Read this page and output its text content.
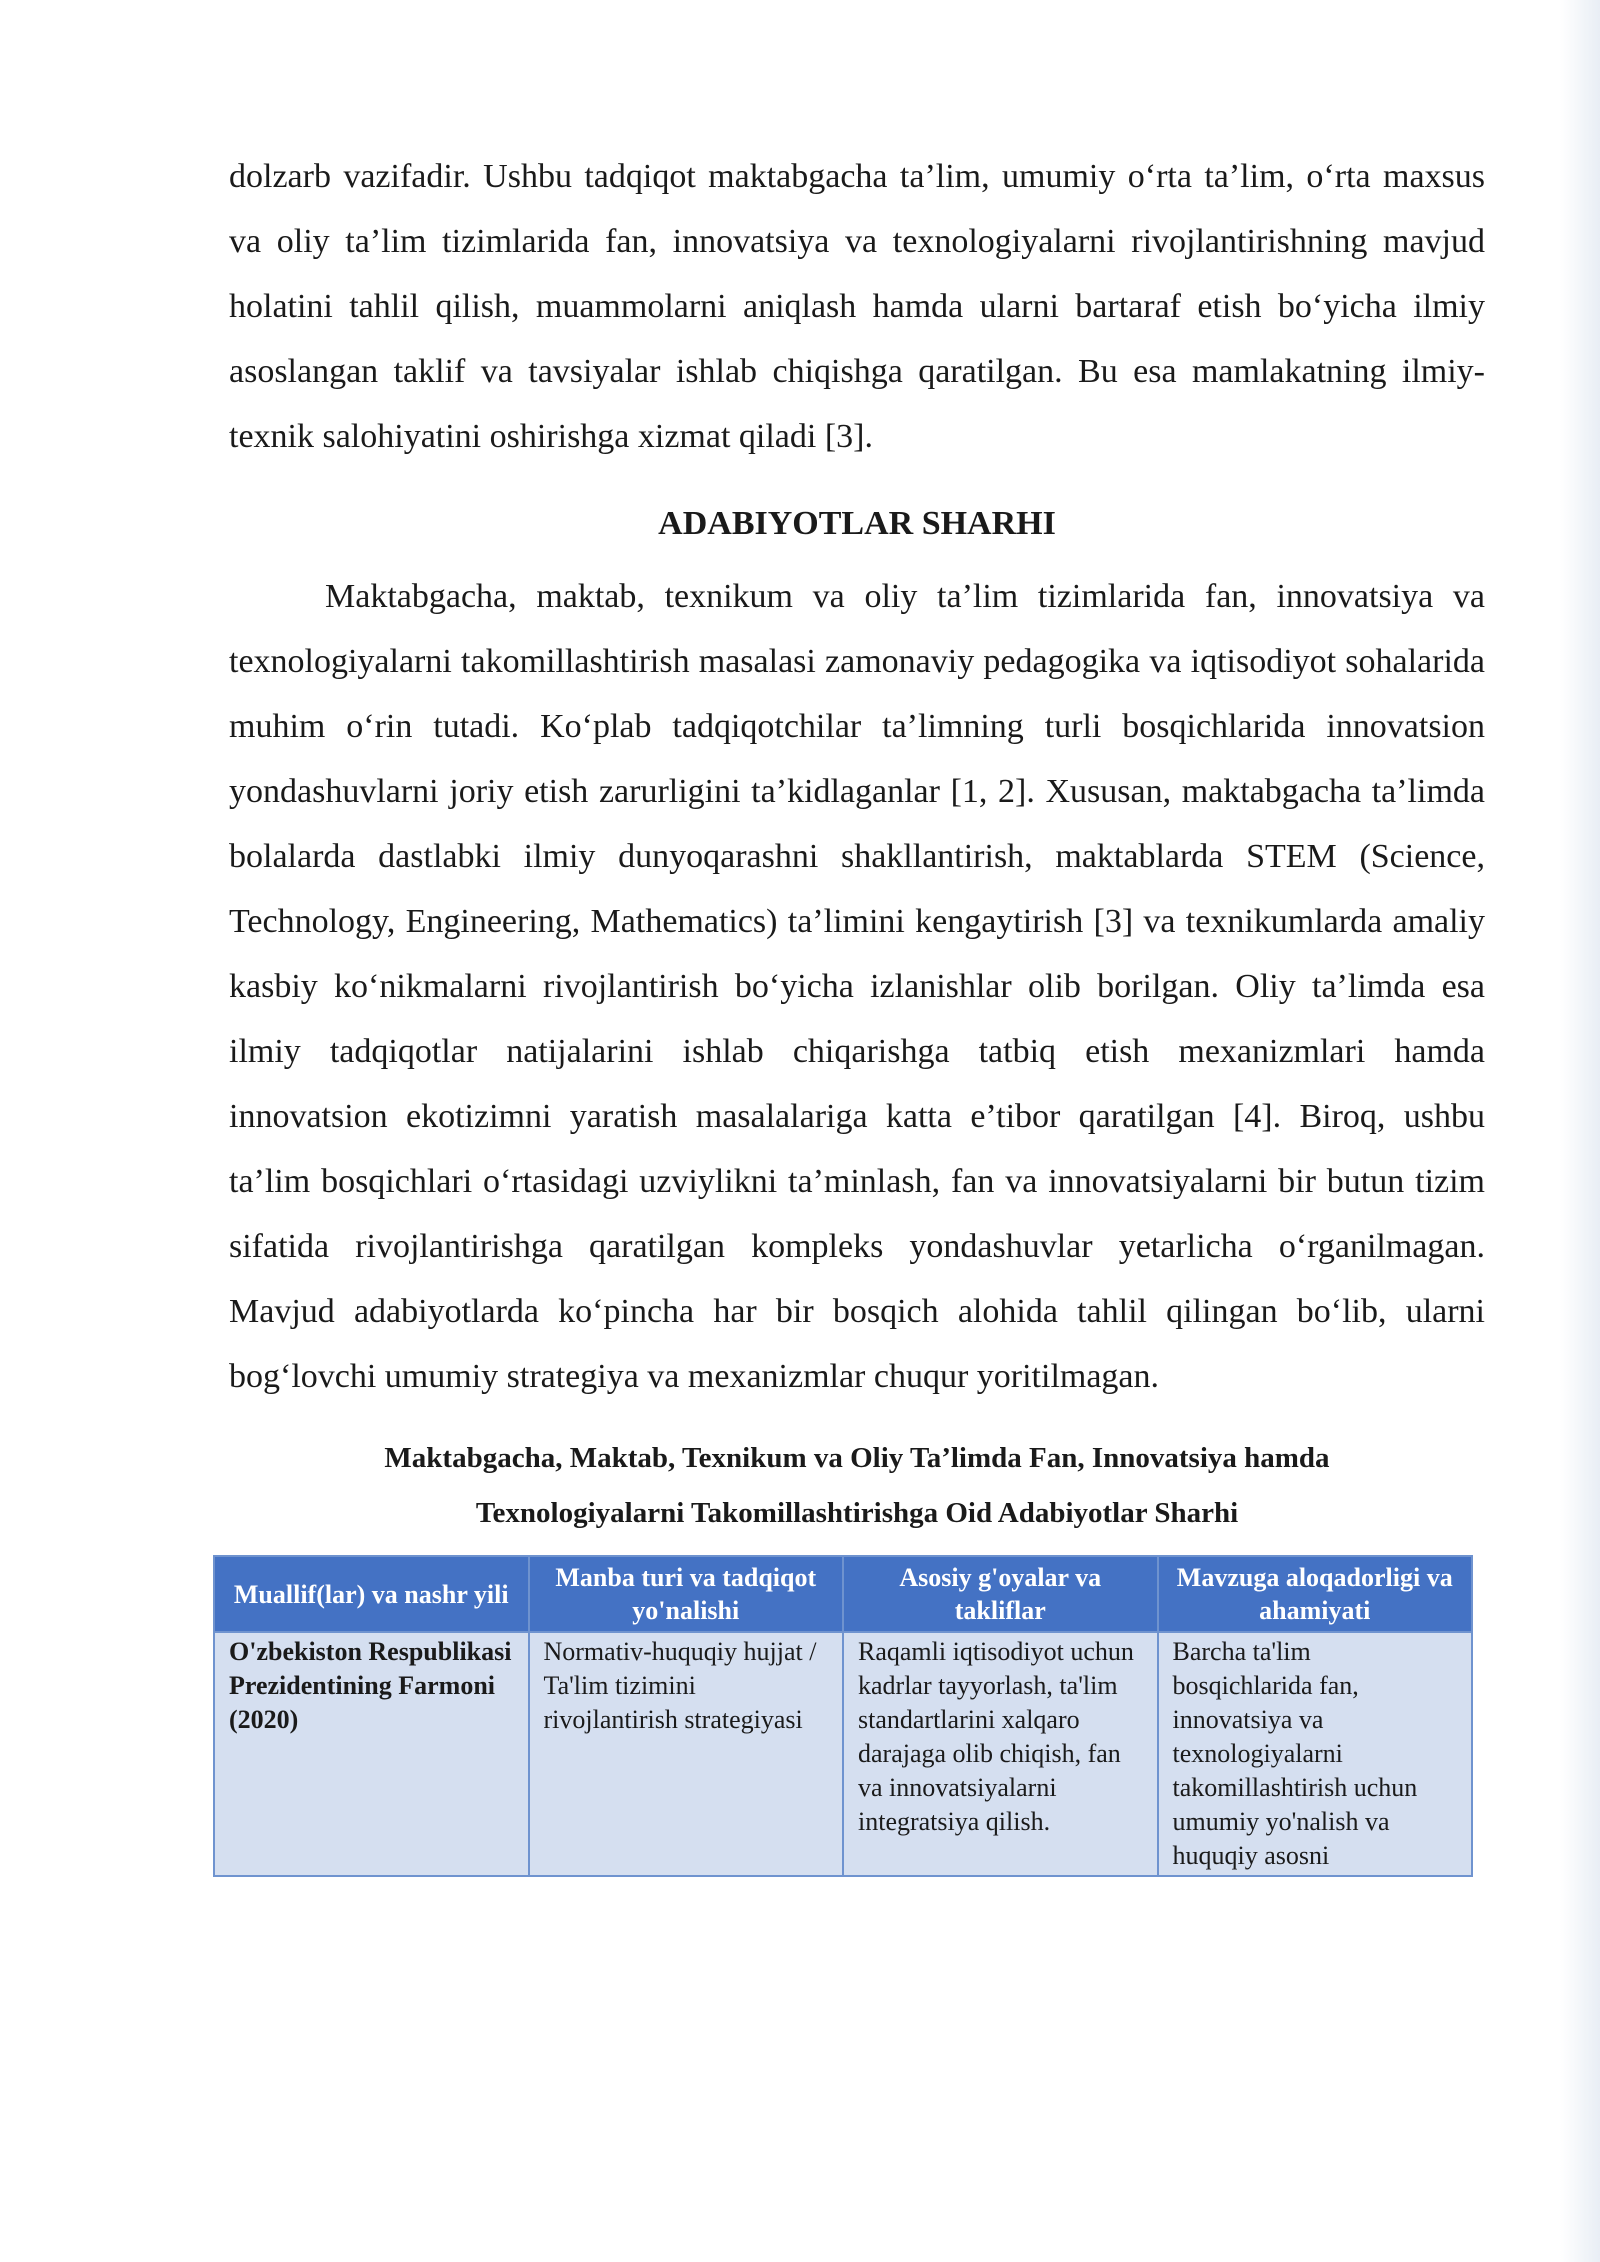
dolzarb vazifadir. Ushbu tadqiqot maktabgacha ta’lim, umumiy o‘rta ta’lim, o‘rta maxsus va oliy ta’lim tizimlarida fan, innovatsiya va texnologiyalarni rivojlantirishning mavjud holatini tahlil qilish, muammolarni aniqlash hamda ularni bartaraf etish bo‘yicha ilmiy asoslangan taklif va tavsiyalar ishlab chiqishga qaratilgan. Bu esa mamlakatning ilmiy-texnik salohiyatini oshirishga xizmat qiladi [3].

ADABIYOTLAR SHARHI

Maktabgacha, maktab, texnikum va oliy ta’lim tizimlarida fan, innovatsiya va texnologiyalarni takomillashtirish masalasi zamonaviy pedagogika va iqtisodiyot sohalarida muhim o‘rin tutadi. Ko‘plab tadqiqotchilar ta’limning turli bosqichlarida innovatsion yondashuvlarni joriy etish zarurligini ta’kidlaganlar [1, 2]. Xususan, maktabgacha ta’limda bolalarda dastlabki ilmiy dunyoqarashni shakllantirish, maktablarda STEM (Science, Technology, Engineering, Mathematics) ta’limini kengaytirish [3] va texnikumlarda amaliy kasbiy ko‘nikmalarni rivojlantirish bo‘yicha izlanishlar olib borilgan. Oliy ta’limda esa ilmiy tadqiqotlar natijalarini ishlab chiqarishga tatbiq etish mexanizmlari hamda innovatsion ekotizimni yaratish masalalariga katta e’tibor qaratilgan [4]. Biroq, ushbu ta’lim bosqichlari o‘rtasidagi uzviylikni ta’minlash, fan va innovatsiyalarni bir butun tizim sifatida rivojlantirishga qaratilgan kompleks yondashuvlar yetarlicha o‘rganilmagan. Mavjud adabiyotlarda ko‘pincha har bir bosqich alohida tahlil qilingan bo‘lib, ularni bog‘lovchi umumiy strategiya va mexanizmlar chuqur yoritilmagan.

Maktabgacha, Maktab, Texnikum va Oliy Ta’limda Fan, Innovatsiya hamda
Texnologiyalarni Takomillashtirishga Oid Adabiyotlar Sharhi
Muallif(lar) va nashr yili	Manba turi va tadqiqot yo'nalishi	Asosiy g'oyalar va takliflar	Mavzuga aloqadorligi va ahamiyati
O'zbekiston Respublikasi Prezidentining Farmoni (2020)	Normativ-huquqiy hujjat / Ta'lim tizimini rivojlantirish strategiyasi	Raqamli iqtisodiyot uchun kadrlar tayyorlash, ta'lim standartlarini xalqaro darajaga olib chiqish, fan va innovatsiyalarni integratsiya qilish.	Barcha ta'lim bosqichlarida fan, innovatsiya va texnologiyalarni takomillashtirish uchun umumiy yo'nalish va huquqiy asosni
